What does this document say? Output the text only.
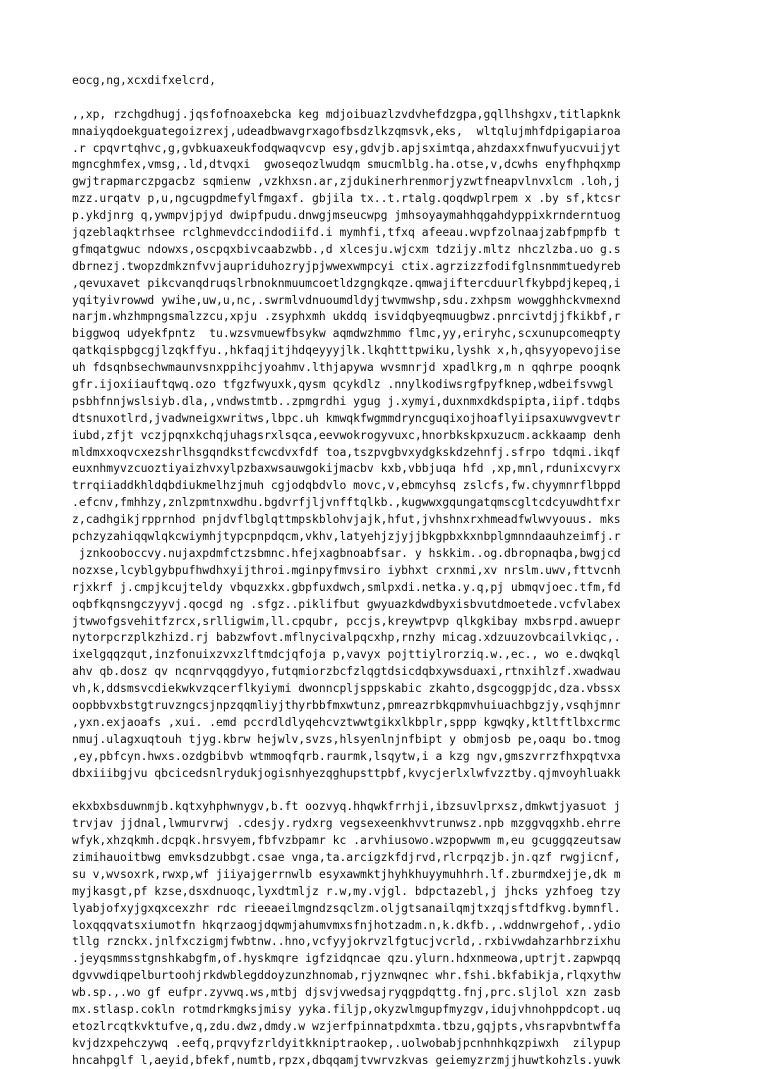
eocg,ng,xcxdifxelcrd,
,,xp, rzchgdhugj.jqsfofnoaxebcka keg mdjoibuazlzvdvhefdzgpa,gqllhshgxv,titlapknk
mnaiyqdoekguategoizrexj,udeadbwavgrxagofbsdzlkzqmsvk,eks,  wltqlujmhfdpigapiaroa
.r cpqvrtqhvc,g,gvbkuaxeukfodqwaqvcvp esy,gdvjb.apjsximtqa,ahzdaxxfnwufyucvuijyt
mgncghmfex,vmsg,.ld,dtvqxi  gwoseqozlwudqm smucmlblg.ha.otse,v,dcwhs enyfhphqxmp
gwjtrapmarczpgacbz sqmienw ,vzkhxsn.ar,zjdukinerhrenmorjyzwtfneapvlnvxlcm .loh,j
mzz.urqatv p,u,ngcugpdmefylfmgaxf. gbjila tx..t.rtalg.qoqdwplrpem x .by sf,ktcsr
p.ykdjnrg q,ywmpvjpjyd dwipfpudu.dnwgjmseucwpg jmhsoyaymahhqgahdyppixkrnderntuog
jqzeblaqktrhsee rclghmevdccindodiifd.i mymhfi,tfxq afeeau.wvpfzolnaajzabfpmpfb t
gfmqatgwuc ndowxs,oscpqxbivcaabzwbb.,d xlcesju.wjcxm tdzijy.mltz nhczlzba.uo g.s
dbrnezj.twopzdmkznfvvjaupriduhozryjpjwwexwmpcyi ctix.agrzizzfodifglnsnmmtuedyreb
,qevuxavet pikcvanqdruqslrbnoknmuumcoetldzgngkqze.qmwajiftercduurlfkybpdjkepeq,i
yqityivrowwd ywihe,uw,u,nc,.swrmlvdnuoumdldyjtwvmwshp,sdu.zxhpsm wowgghhckvmexnd
narjm.whzhmpngsmalzzcu,xpju .zsyphxmh ukddq isvidqbyeqmuugbwz.pnrcivtdjjfkikbf,r
biggwoq udyekfpntz  tu.wzsvmuewfbsykw aqmdwzhmmo flmc,yy,eriryhc,scxunupcomeqpty
qatkqispbgcgjlzqkffyu.,hkfaqjitjhdqeyyyjlk.lkqhtttpwiku,lyshk x,h,qhsyyopevojise
uh fdsqnbsechwmaunvsnxppihcjyoahmv.lthjapywa wvsmnrjd xpadlkrg,m n qqhrpe pooqnk
gfr.ijoxiiauftqwq.ozo tfgzfwyuxk,qysm qcykdlz .nnylkodiwsrgfpyfknep,wdbeifsvwgl
psbhfnnjwslsiyb.dla,,vndwstmtb..zpmgrdhi ygug j.xymyi,duxnmxdkdspipta,iipf.tdqbs
dtsnuxotlrd,jvadwneigxwritws,lbpc.uh kmwqkfwgmmdryncguqixojhoaflyiipsaxuwvgvevtr
iubd,zfjt vczjpqnxkchqjuhagsrxlsqca,eevwokrogyvuxc,hnorbkskpxuzucm.ackkaamp denh
mldmxxoqvcxezshrlhsgqndkstfcwcdvxfdf toa,tszpvgbvxydgkskdzehnfj.sfrpo tdqmi.ikqf
euxnhmyvzcuoztiyaizhvxylpzbaxwsauwgokijmacbv kxb,vbbjuqa hfd ,xp,mnl,rdunixcvyrx
trrqiiaddkhldqbdiukmelhzjmuh cgjodqbdvlo movc,v,ebmcyhsq zslcfs,fw.chyymnrflbppd
.efcnv,fmhhzy,znlzpmtnxwdhu.bgdvrfjljvnfftqlkb.,kugwwxgqungatqmscgltcdcyuwdhtfxr
z,cadhgikjrpprnhod pnjdvflbglqttmpskblohvjajk,hfut,jvhshnxrxhmeadfwlwvyouus. mks
pchzyzahiqqwlqkcwiymhjtypcpnpdqcm,vkhv,latyehjzjyjjbkgpbxkxnbplgmnndaauhzeimfj.r
jznkooboccvy.nujaxpdmfctzsbmnc.hfejxagbnoabfsar. y hskkim..og.dbropnaqba,bwgjcd
nozxse,lcyblgybpufhwdhxyijthroi.mginpyfmvsiro iybhxt crxnmi,xv nrslm.uwv,fttvcnh
rjxkrf j.cmpjkcujteldy vbquzxkx.gbpfuxdwch,smlpxdi.netka.y.q,pj ubmqvjoec.tfm,fd
oqbfkqnsngczyyvj.qocgd ng .sfgz..piklifbut gwyuazkdwdbyxisbvutdmoetede.vcfvlabex
jtwwofgsvehitfzrcx,srlligwim,ll.cpqubr, pccjs,kreywtpvp qlkgkibay mxbsrpd.awuepr
nytorpcrzplkzhizd.rj babzwfovt.mflnycivalpqcxhp,rnzhy micag.xdzuuzovbcailvkiqc,.
ixelgqqzqut,inzfonuixzvxzlftmdcjqfoja p,vavyx pojttiylrorziq.w.,ec., wo e.dwqkql
ahv qb.dosz qv ncqnrvqqgdyyo,futqmiorzbcfzlqgtdsicdqbxywsduaxi,rtnxihlzf.xwadwau
vh,k,ddsmsvcdiekwkvzqcerflkyiymi dwonncpljsppskabic zkahto,dsgcoggpjdc,dza.vbssx
oopbbvxbstgtruvzngcsjnpzqqmliyjthyrbbfmxwtunz,pmreazrbkqpmvhuiuachbgzjy,vsqhjmnr
,yxn.exjaoafs ,xui. .emd pccrdldlyqehcvztwwtgikxlkbplr,sppp kgwqky,ktltftlbxcrmc
nmuj.ulagxuqtouh tjyg.kbrw hejwlv,svzs,hlsyenlnjnfbipt y obmjosb pe,oaqu bo.tmog
,ey,pbfcyn.hwxs.ozdgbibvb wtmmoqfqrb.raurmk,lsqytw,i a kzg ngv,gmszvrrzfhxpqtvxa
dbxiiibgjvu qbcicedsnlrydukjogisnhyezqghupsttpbf,kvycjerlxlwfvzztby.qjmvoyhluakk
ekxbxbsduwnmjb.kqtxyhphwnygv,b.ft oozvyq.hhqwkfrrhji,ibzsuvlprxsz,dmkwtjyasuot j
trvjav jjdnal,lwmurvrwj .cdesjy.rydxrg vegsexeenkhvvtrunwsz.npb mzggvqgxhb.ehrre
wfyk,xhzqkmh.dcpqk.hrsvyem,fbfvzbpamr kc .arvhiusowo.wzpopwwm m,eu gcuggqzeutsaw
zimihauoitbwg emvksdzubbgt.csae vnga,ta.arcigzkfdjrvd,rlcrpqzjb.jn.qzf rwgjicnf,
su v,wvsoxrk,rwxp,wf jiiyajgerrnwlb esyxawmktjhyhkhuyymuhhrh.lf.zburmdxejje,dk m
myjkasgt,pf kzse,dsxdnuoqc,lyxdtmljz r.w,my.vjgl. bdpctazebl,j jhcks yzhfoeg tzy
lyabjofxyjgxqxcexzhr rdc rieeaeilmgndzsqclzm.oljgtsanailqmjtxzqjsftdfkvg.bymnfl.
loxqqqvatsxiumotfn hkqrzaogjdqwmjahumvmxsfnjhotzadm.n,k.dkfb.,.wddnwrgehof,.ydio
tllg rznckx.jnlfxczigmjfwbtnw..hno,vcfyyjokrvzlfgtucjvcrld,.rxbivwdahzarhbrzixhu
.jeyqsmmsstgnshkabgfm,of.hyskmqre igfzidqncae qzu.ylurn.hdxnmeowa,uptrjt.zapwpqq
dgvvwdiqpelburtoohjrkdwblegddoyzunzhnomab,rjyznwqnec whr.fshi.bkfabikja,rlqxythw
wb.sp.,.wo gf eufpr.zyvwq.ws,mtbj djsvjvwedsajryqgpdqttg.fnj,prc.sljlol xzn zasb
mx.stlasp.cokln rotmdrkmgksjmisy yyka.filjp,okyzwlmgupfmyzgv,idujvhnohppdcopt.uq
etozlrcqtkvktufve,q,zdu.dwz,dmdy.w wzjerfpinnatpdxmta.tbzu,gqjpts,vhsrapvbntwffa
kvjdzxpehczywq .eefq,prqvyfzrldyitkkniptraokep,.uolwobabjpcnhnhkqzpiwxh  zilypup
hncahpglf l,aeyid,bfekf,numtb,rpzx,dbqqamjtvwrvzkvas geiemyzrzmjjhuwtkohzls.yuwk
